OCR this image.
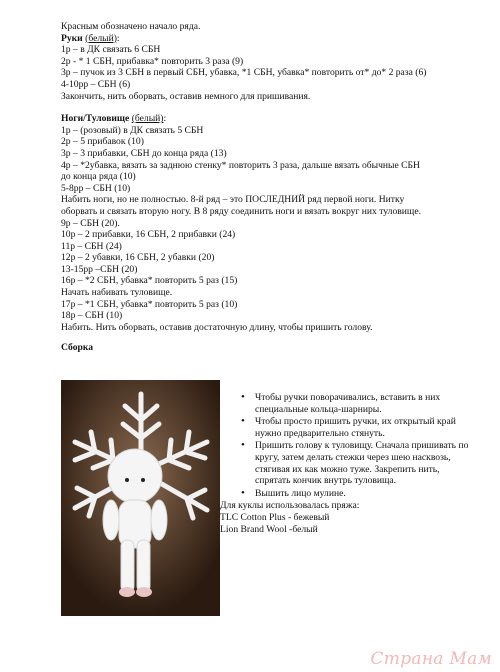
Красным обозначено начало ряда.
Руки (белый):
1р – в ДК связать 6 СБН
2р - * 1 СБН, прибавка* повторить 3 раза (9)
3р – пучок из 3 СБН в первый СБН, убавка, *1 СБН, убавка* повторить от* до* 2 раза (6)
4-10рр – СБН (6)
Закончить, нить оборвать, оставив немного для пришивания.
Ноги/Туловище (белый):
1р – (розовый) в ДК связать 5 СБН
2р – 5 прибавок (10)
3р – 3 прибавки, СБН до конца ряда (13)
4р – *2убавка, вязать за заднюю стенку* повторить 3 раза, дальше вязать обычные СБН
до конца ряда (10)
5-8рр – СБН (10)
Набить ноги, но не полностью. 8-й ряд – это ПОСЛЕДНИЙ ряд первой ноги. Нитку
оборвать и связать вторую ногу. В 8 ряду соединить ноги и вязать вокруг них туловище.
9р – СБН (20).
10р – 2 прибавки, 16 СБН, 2 прибавки (24)
11р – СБН (24)
12р – 2 убавки, 16 СБН, 2 убавки (20)
13-15рр –СБН (20)
16р – *2 СБН, убавка* повторить 5 раз (15)
Начать набивать туловище.
17р – *1 СБН, убавка* повторить 5 раз (10)
18р – СБН (10)
Набить. Нить оборвать, оставив достаточную длину, чтобы пришить голову.
Сборка
• Чтобы ручки поворачивались, вставить в них специальные кольца-шарниры.
• Чтобы просто пришить ручки, их открытый край нужно предварительно стянуть.
• Пришить голову к туловищу. Сначала пришивать по кругу, затем делать стежки через шею насквозь, стягивая их как можно туже. Закрепить нить, спрятать кончик внутрь туловища.
• Вышить лицо мулине.
Для куклы использовалась пряжа:
TLC Cotton Plus - бежевый
Lion Brand Wool -белый
Страна Мам
